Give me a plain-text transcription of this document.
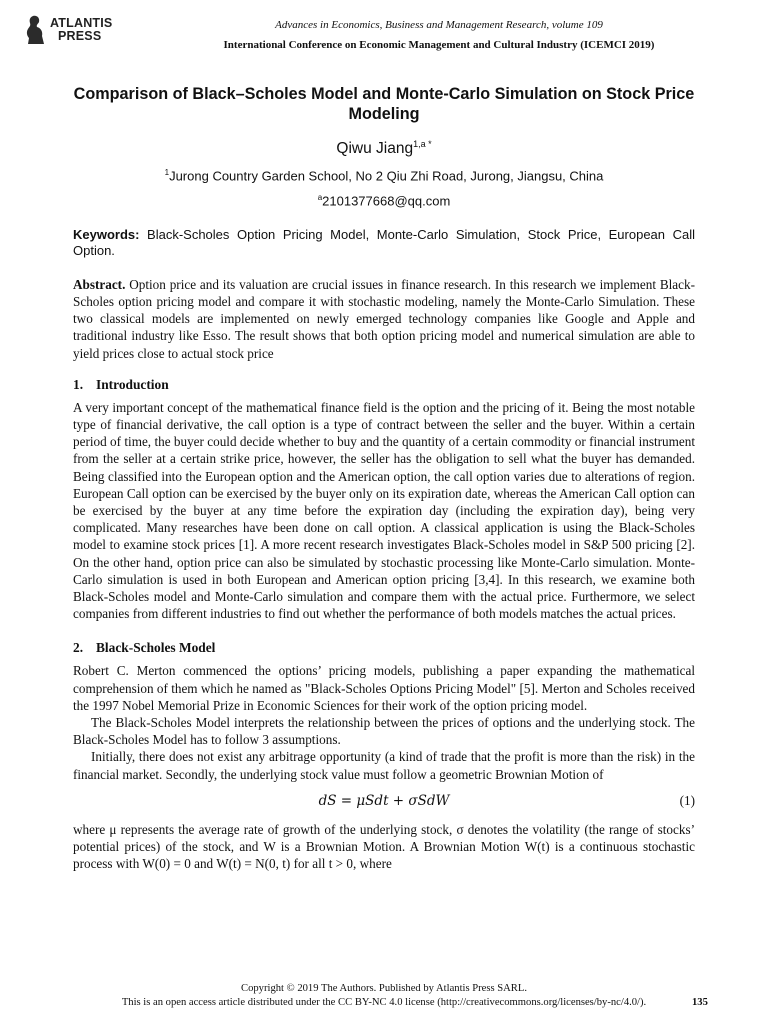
ATLANTIS
PRESS
Advances in Economics, Business and Management Research, volume 109
International Conference on Economic Management and Cultural Industry (ICEMCI 2019)
Comparison of Black–Scholes Model and Monte-Carlo Simulation on Stock Price Modeling
Qiwu Jiang$^{1,a *}$
$^1$Jurong Country Garden School, No 2 Qiu Zhi Road, Jurong, Jiangsu, China
$^a$2101377668@qq.com
Keywords: Black-Scholes Option Pricing Model, Monte-Carlo Simulation, Stock Price, European Call Option.
Abstract. Option price and its valuation are crucial issues in finance research. In this research we implement Black-Scholes option pricing model and compare it with stochastic modeling, namely the Monte-Carlo Simulation. These two classical models are implemented on newly emerged technology companies like Google and Apple and traditional industry like Esso. The result shows that both option pricing model and numerical simulation are able to yield prices close to actual stock price
1. Introduction
A very important concept of the mathematical finance field is the option and the pricing of it. Being the most notable type of financial derivative, the call option is a type of contract between the seller and the buyer. Within a certain period of time, the buyer could decide whether to buy and the quantity of a certain commodity or financial instrument from the seller at a certain strike price, however, the seller has the obligation to sell what the buyer has demanded. Being classified into the European option and the American option, the call option varies due to alterations of region. European Call option can be exercised by the buyer only on its expiration date, whereas the American Call option can be exercised by the buyer at any time before the expiration day (including the expiration day), being very complicated. Many researches have been done on call option. A classical application is using the Black-Scholes model to examine stock prices [1]. A more recent research investigates Black-Scholes model in S&P 500 pricing [2]. On the other hand, option price can also be simulated by stochastic processing like Monte-Carlo simulation. Monte-Carlo simulation is used in both European and American option pricing [3,4]. In this research, we examine both Black-Scholes model and Monte-Carlo simulation and compare them with the actual price. Furthermore, we select companies from different industries to find out whether the performance of both models matches the actual prices.
2. Black-Scholes Model
Robert C. Merton commenced the options’ pricing models, publishing a paper expanding the mathematical comprehension of them which he named as "Black-Scholes Options Pricing Model" [5]. Merton and Scholes received the 1997 Nobel Memorial Prize in Economic Sciences for their work of the option pricing model.
The Black-Scholes Model interprets the relationship between the prices of options and the underlying stock. The Black-Scholes Model has to follow 3 assumptions.
Initially, there does not exist any arbitrage opportunity (a kind of trade that the profit is more than the risk) in the financial market. Secondly, the underlying stock value must follow a geometric Brownian Motion of
dS = μSdt + σSdW	(1)
where μ represents the average rate of growth of the underlying stock, σ denotes the volatility (the range of stocks’ potential prices) of the stock, and W is a Brownian Motion. A Brownian Motion W(t) is a continuous stochastic process with W(0) = 0 and W(t) = N(0, t) for all t > 0, where
Copyright © 2019 The Authors. Published by Atlantis Press SARL.
This is an open access article distributed under the CC BY-NC 4.0 license (http://creativecommons.org/licenses/by-nc/4.0/).	135
